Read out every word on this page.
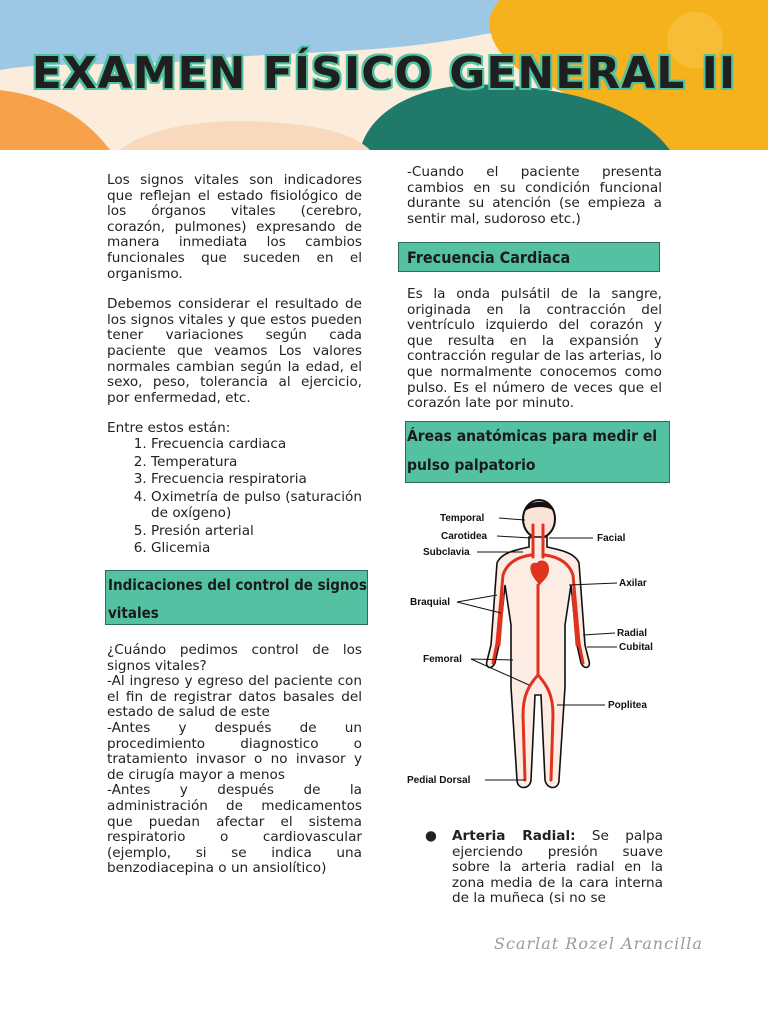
EXAMEN FÍSICO GENERAL II

Los signos vitales son indicadores que reflejan el estado fisiológico de los órganos vitales (cerebro, corazón, pulmones) expresando de manera inmediata los cambios funcionales que suceden en el organismo.

Debemos considerar el resultado de los signos vitales y que estos pueden tener variaciones según cada paciente que veamos Los valores normales cambian según la edad, el sexo, peso, tolerancia al ejercicio, por enfermedad, etc.

Entre estos están:

1. Frecuencia cardiaca
2. Temperatura
3. Frecuencia respiratoria
4. Oximetría de pulso (saturación de oxígeno)
5. Presión arterial
6. Glicemia
Indicaciones del control de signos vitales

¿Cuándo pedimos control de los signos vitales?

-Al ingreso y egreso del paciente con el fin de registrar datos basales del estado de salud de este

-Antes y después de un procedimiento diagnostico o tratamiento invasor o no invasor y de cirugía mayor a menos

-Antes y después de la administración de medicamentos que puedan afectar el sistema respiratorio o cardiovascular (ejemplo, si se indica una benzodiacepina o un ansiolítico)

-Cuando el paciente presenta cambios en su condición funcional durante su atención (se empieza a sentir mal, sudoroso etc.)

Frecuencia Cardiaca
Es la onda pulsátil de la sangre, originada en la contracción del ventrículo izquierdo del corazón y que resulta en la expansión y contracción regular de las arterias, lo que normalmente conocemos como pulso. Es el número de veces que el corazón late por minuto.
Áreas anatómicas para medir el pulso palpatorio
Temporal
Carotidea
Subclavia
Facial
Axilar
Braquial
Radial
Cubital
Femoral
Poplitea
Pedial Dorsal
● Arteria Radial: Se palpa ejerciendo presión suave sobre la arteria radial en la zona media de la cara interna de la muñeca (si no se
Scarlat Rozel Arancilla
